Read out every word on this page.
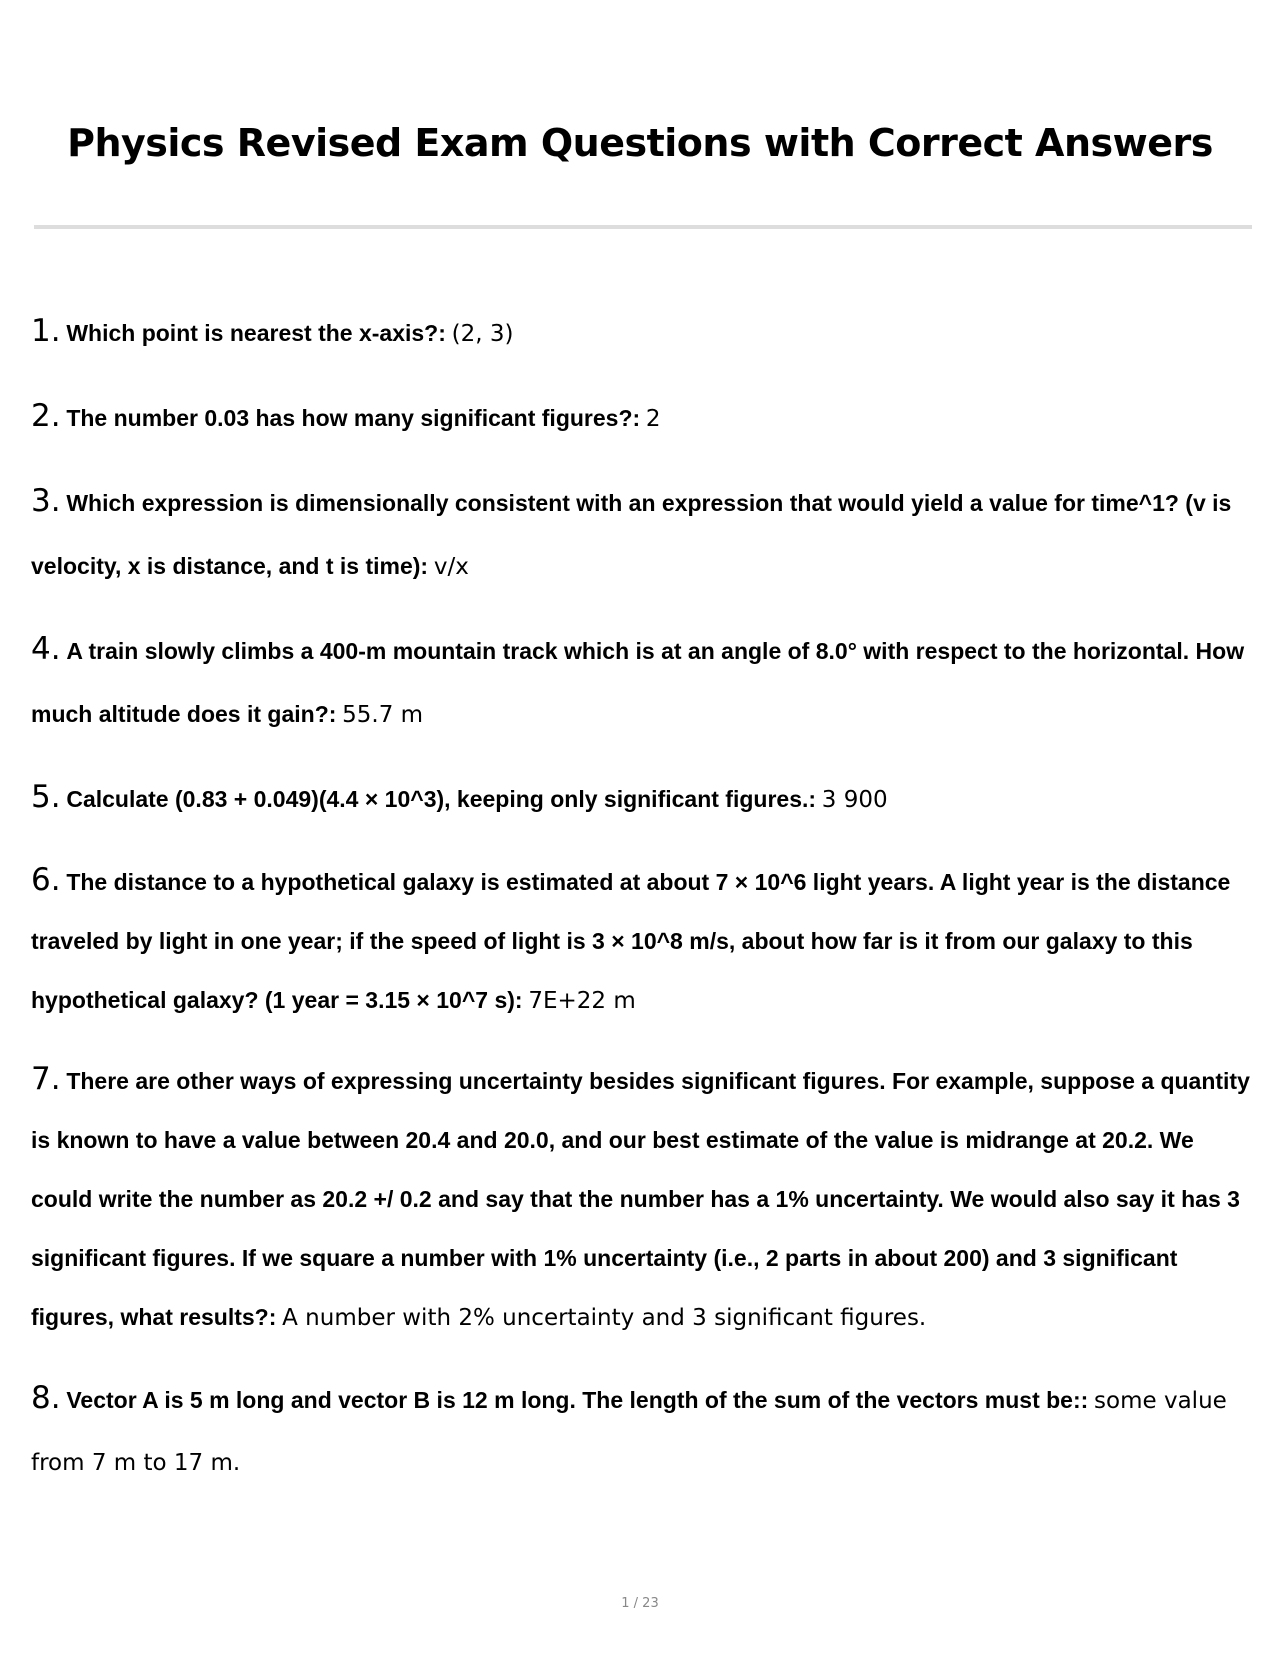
Physics Revised Exam Questions with Correct Answers
1. Which point is nearest the x-axis?: (2, 3)
2. The number 0.03 has how many significant figures?: 2
3. Which expression is dimensionally consistent with an expression that would yield a value for time^1? (v is velocity, x is distance, and t is time): v/x
4. A train slowly climbs a 400-m mountain track which is at an angle of 8.0° with respect to the horizontal. How much altitude does it gain?: 55.7 m
5. Calculate (0.83 + 0.049)(4.4 × 10^3), keeping only significant figures.: 3 900
6. The distance to a hypothetical galaxy is estimated at about 7 × 10^6 light years. A light year is the distance traveled by light in one year; if the speed of light is 3 × 10^8 m/s, about how far is it from our galaxy to this hypothetical galaxy? (1 year = 3.15 × 10^7 s): 7E+22 m
7. There are other ways of expressing uncertainty besides significant figures. For example, suppose a quantity is known to have a value between 20.4 and 20.0, and our best estimate of the value is midrange at 20.2. We could write the number as 20.2 +/ 0.2 and say that the number has a 1% uncertainty. We would also say it has 3 significant figures. If we square a number with 1% uncertainty (i.e., 2 parts in about 200) and 3 significant figures, what results?: A number with 2% uncertainty and 3 significant figures.
8. Vector A is 5 m long and vector B is 12 m long. The length of the sum of the vectors must be:: some value from 7 m to 17 m.
1 / 23
